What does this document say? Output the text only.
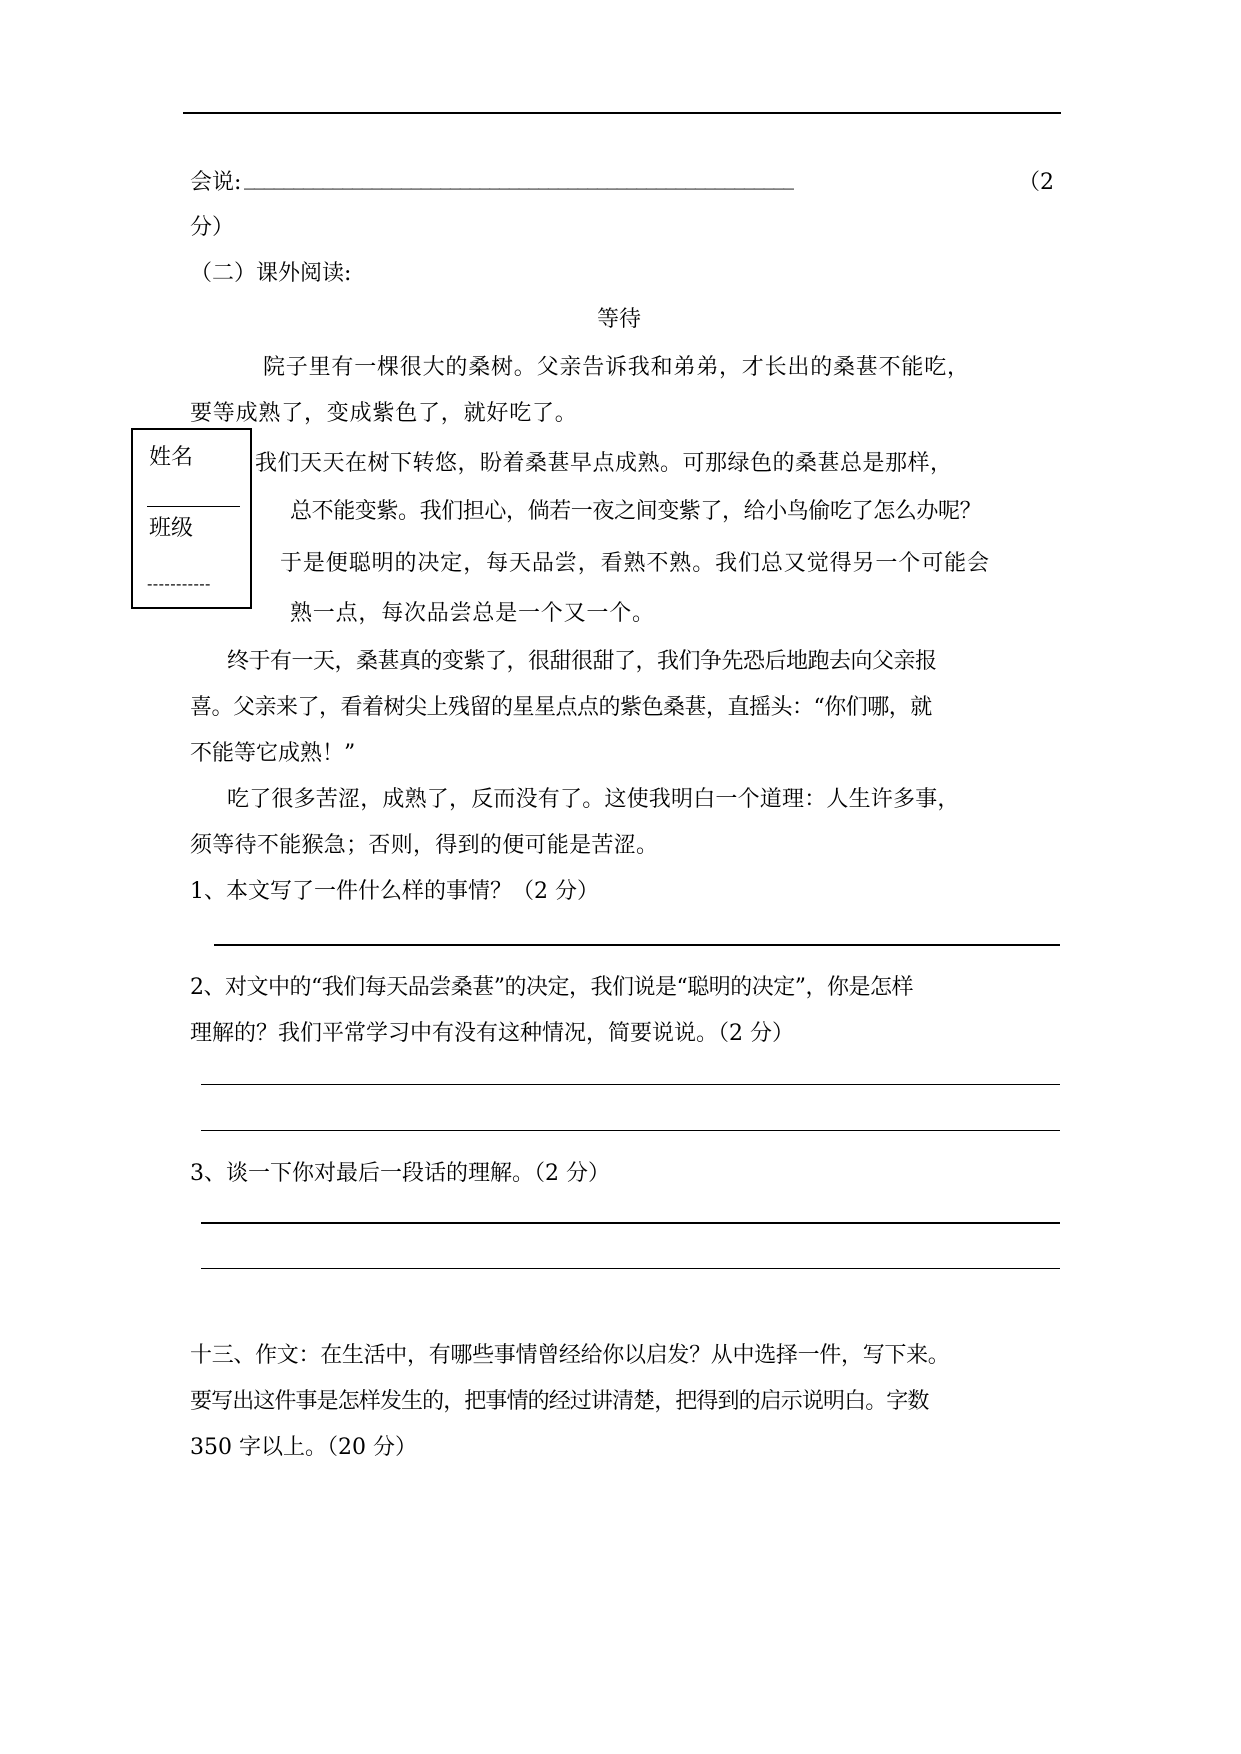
会说: ________________________________________________________	（2
分）
（二）课外阅读:
等待
院子里有一棵很大的桑树。父亲告诉我和弟弟，才长出的桑葚不能吃，
要等成熟了，变成紫色了，就好吃了。
姓名
班级
-----------
我们天天在树下转悠，盼着桑葚早点成熟。可那绿色的桑葚总是那样，
总不能变紫。我们担心，倘若一夜之间变紫了，给小鸟偷吃了怎么办呢？
于是便聪明的决定，每天品尝，看熟不熟。我们总又觉得另一个可能会
熟一点，每次品尝总是一个又一个。
终于有一天，桑葚真的变紫了，很甜很甜了，我们争先恐后地跑去向父亲报
喜。父亲来了，看着树尖上残留的星星点点的紫色桑葚，直摇头：“你们哪，就
不能等它成熟！”
吃了很多苦涩，成熟了，反而没有了。这使我明白一个道理：人生许多事，
须等待不能猴急；否则，得到的便可能是苦涩。
1、本文写了一件什么样的事情？（2 分）
2、对文中的“我们每天品尝桑葚”的决定，我们说是“聪明的决定”，你是怎样
理解的？我们平常学习中有没有这种情况，简要说说。（2 分）
3、谈一下你对最后一段话的理解。（2 分）
十三、作文：在生活中，有哪些事情曾经给你以启发？从中选择一件，写下来。
要写出这件事是怎样发生的，把事情的经过讲清楚，把得到的启示说明白。字数
350 字以上。（20 分）
